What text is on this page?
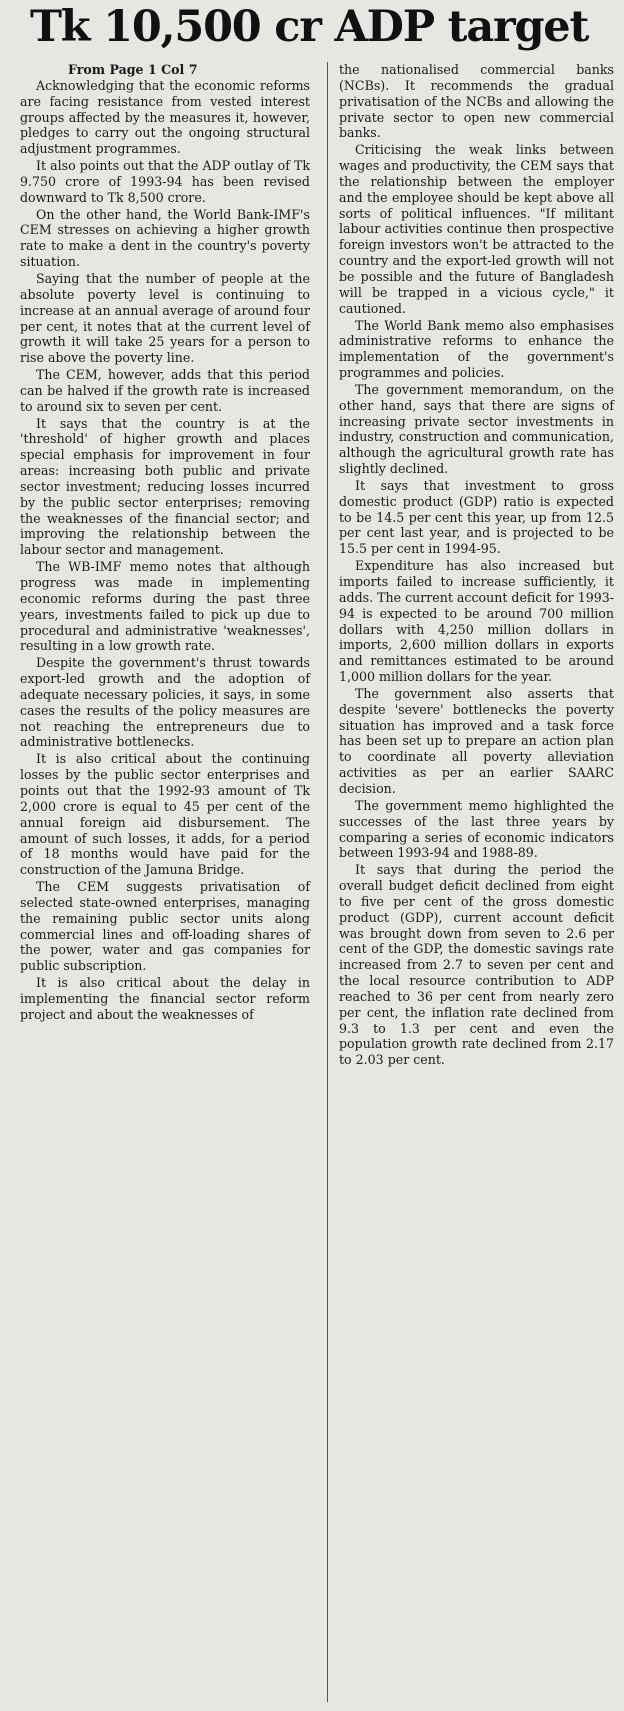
Tk 10,500 cr ADP target
From Page 1 Col 7

Acknowledging that the economic reforms are facing resistance from vested interest groups affected by the measures it, however, pledges to carry out the ongoing structural adjustment programmes.

It also points out that the ADP outlay of Tk 9.750 crore of 1993-94 has been revised downward to Tk 8,500 crore.

On the other hand, the World Bank-IMF's CEM stresses on achieving a higher growth rate to make a dent in the country's poverty situation.

Saying that the number of people at the absolute poverty level is continuing to increase at an annual average of around four per cent, it notes that at the current level of growth it will take 25 years for a person to rise above the poverty line.

The CEM, however, adds that this period can be halved if the growth rate is increased to around six to seven per cent.

It says that the country is at the 'threshold' of higher growth and places special emphasis for improvement in four areas: increasing both public and private sector investment; reducing losses incurred by the public sector enterprises; removing the weaknesses of the financial sector; and improving the relationship between the labour sector and management.

The WB-IMF memo notes that although progress was made in implementing economic reforms during the past three years, investments failed to pick up due to procedural and administrative 'weaknesses', resulting in a low growth rate.

Despite the government's thrust towards export-led growth and the adoption of adequate necessary policies, it says, in some cases the results of the policy measures are not reaching the entrepreneurs due to administrative bottlenecks.

It is also critical about the continuing losses by the public sector enterprises and points out that the 1992-93 amount of Tk 2,000 crore is equal to 45 per cent of the annual foreign aid disbursement. The amount of such losses, it adds, for a period of 18 months would have paid for the construction of the Jamuna Bridge.

The CEM suggests privatisation of selected state-owned enterprises, managing the remaining public sector units along commercial lines and off-loading shares of the power, water and gas companies for public subscription.

It is also critical about the delay in implementing the financial sector reform project and about the weaknesses of

the nationalised commercial banks (NCBs). It recommends the gradual privatisation of the NCBs and allowing the private sector to open new commercial banks.

Criticising the weak links between wages and productivity, the CEM says that the relationship between the employer and the employee should be kept above all sorts of political influences. "If militant labour activities continue then prospective foreign investors won't be attracted to the country and the export-led growth will not be possible and the future of Bangladesh will be trapped in a vicious cycle," it cautioned.

The World Bank memo also emphasises administrative reforms to enhance the implementation of the government's programmes and policies.

The government memorandum, on the other hand, says that there are signs of increasing private sector investments in industry, construction and communication, although the agricultural growth rate has slightly declined.

It says that investment to gross domestic product (GDP) ratio is expected to be 14.5 per cent this year, up from 12.5 per cent last year, and is projected to be 15.5 per cent in 1994-95.

Expenditure has also increased but imports failed to increase sufficiently, it adds. The current account deficit for 1993-94 is expected to be around 700 million dollars with 4,250 million dollars in imports, 2,600 million dollars in exports and remittances estimated to be around 1,000 million dollars for the year.

The government also asserts that despite 'severe' bottlenecks the poverty situation has improved and a task force has been set up to prepare an action plan to coordinate all poverty alleviation activities as per an earlier SAARC decision.

The government memo highlighted the successes of the last three years by comparing a series of economic indicators between 1993-94 and 1988-89.

It says that during the period the overall budget deficit declined from eight to five per cent of the gross domestic product (GDP), current account deficit was brought down from seven to 2.6 per cent of the GDP, the domestic savings rate increased from 2.7 to seven per cent and the local resource contribution to ADP reached to 36 per cent from nearly zero per cent, the inflation rate declined from 9.3 to 1.3 per cent and even the population growth rate declined from 2.17 to 2.03 per cent.
